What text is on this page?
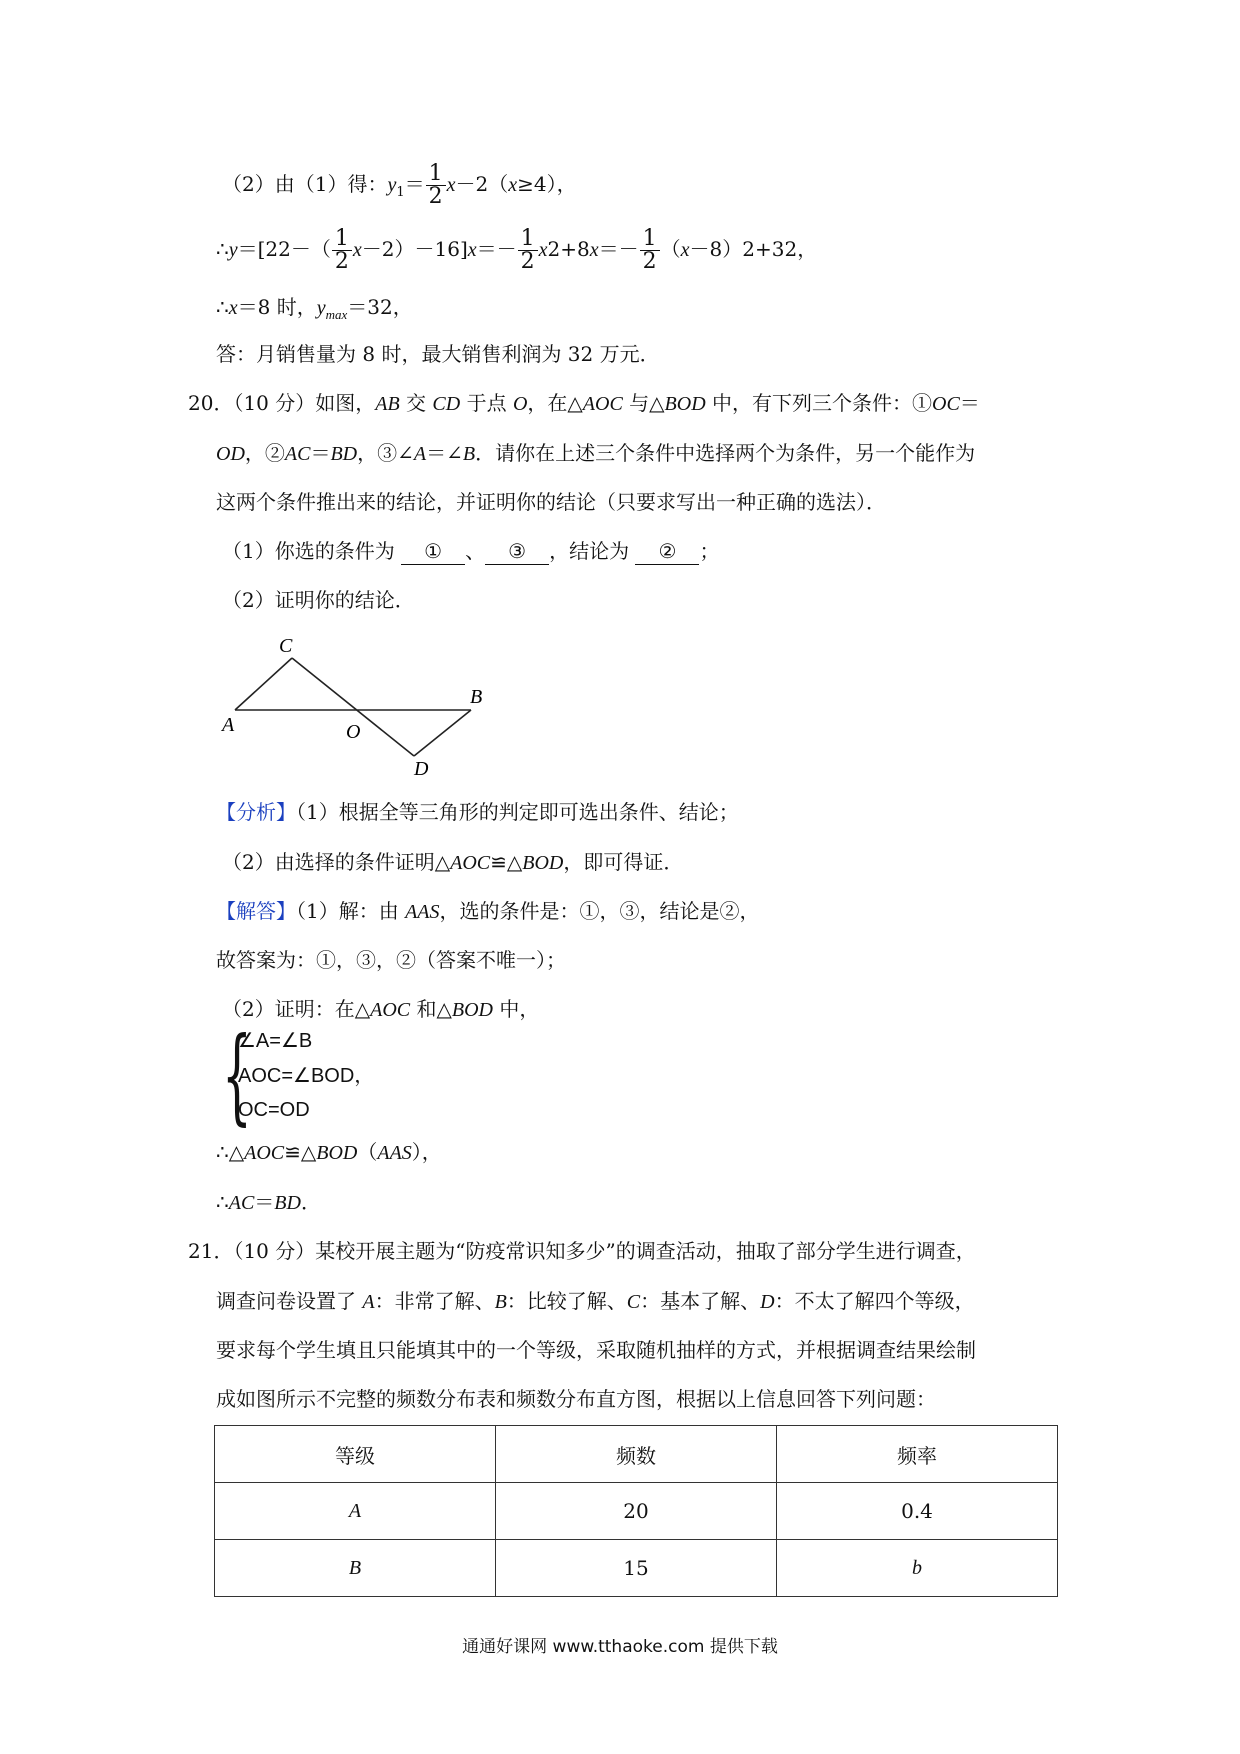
（2）由（1）得：$y_1= \frac{1}{2} x-2(x\ge 4)$，
∴y＝[22－（ $\frac{1}{2} x-2)-16]x=- \frac{1}{2} x2+8x=- \frac{1}{2} (x-8)2+32$，
∴x＝8 时，$y_{max}=32$，
答：月销售量为 8 时，最大销售利润为 32 万元．
20．（10 分）如图，AB 交 CD 于点 O，在△AOC 与△BOD 中，有下列三个条件：①OC＝
OD，②AC＝BD，③∠A＝∠B．请你在上述三个条件中选择两个为条件，另一个能作为
这两个条件推出来的结论，并证明你的结论（只要求写出一种正确的选法）．
（1）你选的条件为 ① 、 ③ ，结论为 ② ；
（2）证明你的结论．
C
A	O
B
D
【分析】（1）根据全等三角形的判定即可选出条件、结论；
（2）由选择的条件证明△AOC≌△BOD，即可得证．
【解答】（1）解：由 AAS，选的条件是：①，③，结论是②，
故答案为：①，③，②（答案不唯一）；
（2）证明：在△AOC 和△BOD 中，
{
∠A=∠B
AOC=∠BOD，
OC=OD
∴△AOC≌△BOD（AAS），
∴AC＝BD．
21．（10 分）某校开展主题为“防疫常识知多少”的调查活动，抽取了部分学生进行调查，
调查问卷设置了 A：非常了解、B：比较了解、C：基本了解、D：不太了解四个等级，
要求每个学生填且只能填其中的一个等级，采取随机抽样的方式，并根据调查结果绘制
成如图所示不完整的频数分布表和频数分布直方图，根据以上信息回答下列问题：
等级	频数	频率
A	20	0.4
B	15	b
通通好课网 www.tthaoke.com 提供下载
